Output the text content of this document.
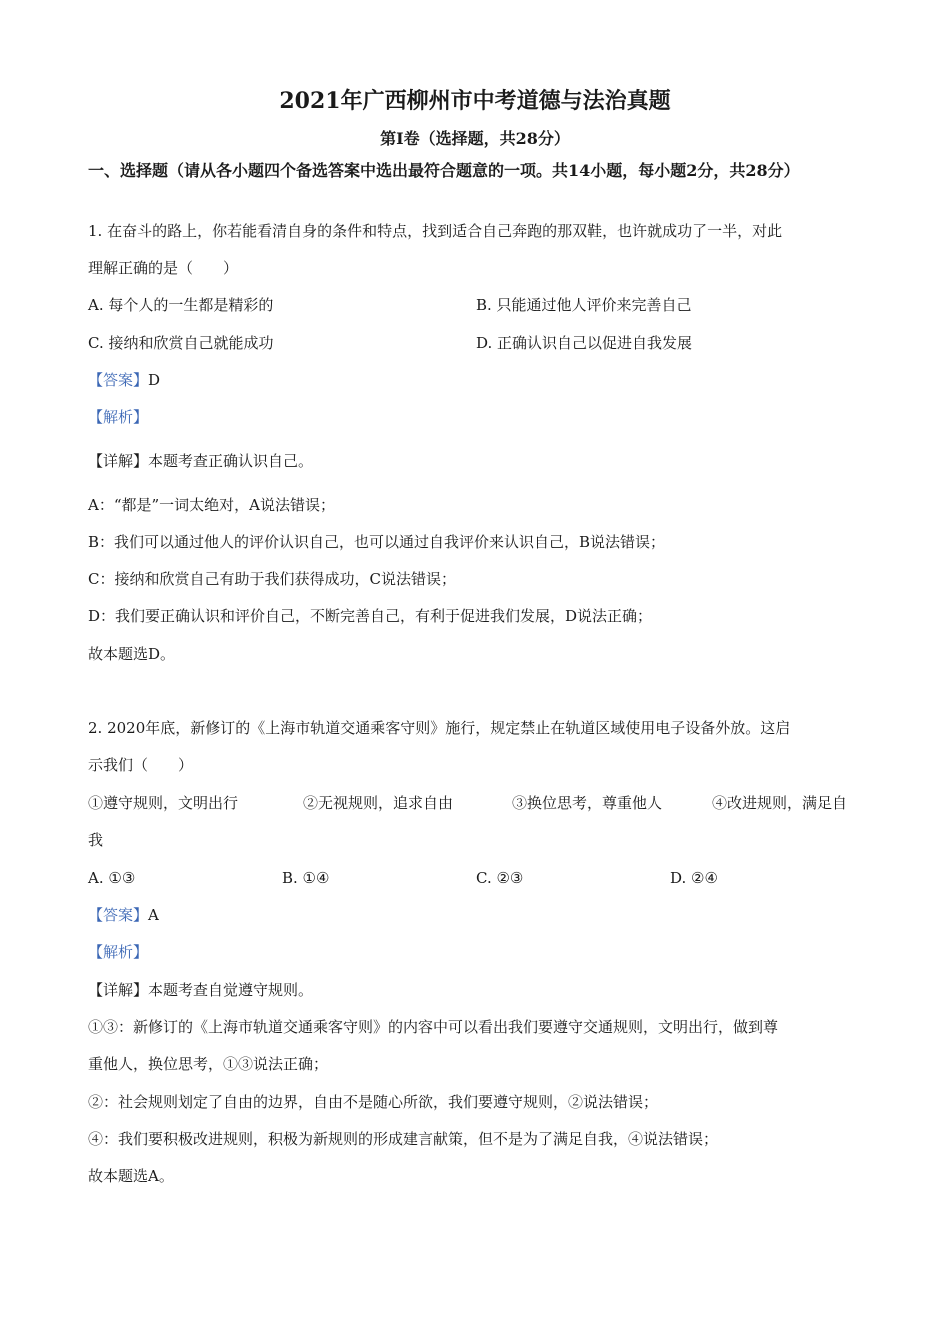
2021年广西柳州市中考道德与法治真题
第Ⅰ卷（选择题，共28分）
一、选择题（请从各小题四个备选答案中选出最符合题意的一项。共14小题，每小题2分，共28分）
1. 在奋斗的路上，你若能看清自身的条件和特点，找到适合自己奔跑的那双鞋，也许就成功了一半，对此
理解正确的是（　　）
A. 每个人的一生都是精彩的	B. 只能通过他人评价来完善自己
C. 接纳和欣赏自己就能成功	D. 正确认识自己以促进自我发展
【答案】D
【解析】
【详解】本题考查正确认识自己。
A：“都是”一词太绝对，A说法错误；
B：我们可以通过他人的评价认识自己，也可以通过自我评价来认识自己，B说法错误；
C：接纳和欣赏自己有助于我们获得成功，C说法错误；
D：我们要正确认识和评价自己，不断完善自己，有利于促进我们发展，D说法正确；
故本题选D。
2. 2020年底，新修订的《上海市轨道交通乘客守则》施行，规定禁止在轨道区域使用电子设备外放。这启
示我们（　　）
①遵守规则，文明出行	②无视规则，追求自由	③换位思考，尊重他人	④改进规则，满足自
我
A. ①③	B. ①④	C. ②③	D. ②④
【答案】A
【解析】
【详解】本题考查自觉遵守规则。
①③：新修订的《上海市轨道交通乘客守则》的内容中可以看出我们要遵守交通规则，文明出行，做到尊
重他人，换位思考，①③说法正确；
②：社会规则划定了自由的边界，自由不是随心所欲，我们要遵守规则，②说法错误；
④：我们要积极改进规则，积极为新规则的形成建言献策，但不是为了满足自我，④说法错误；
故本题选A。
